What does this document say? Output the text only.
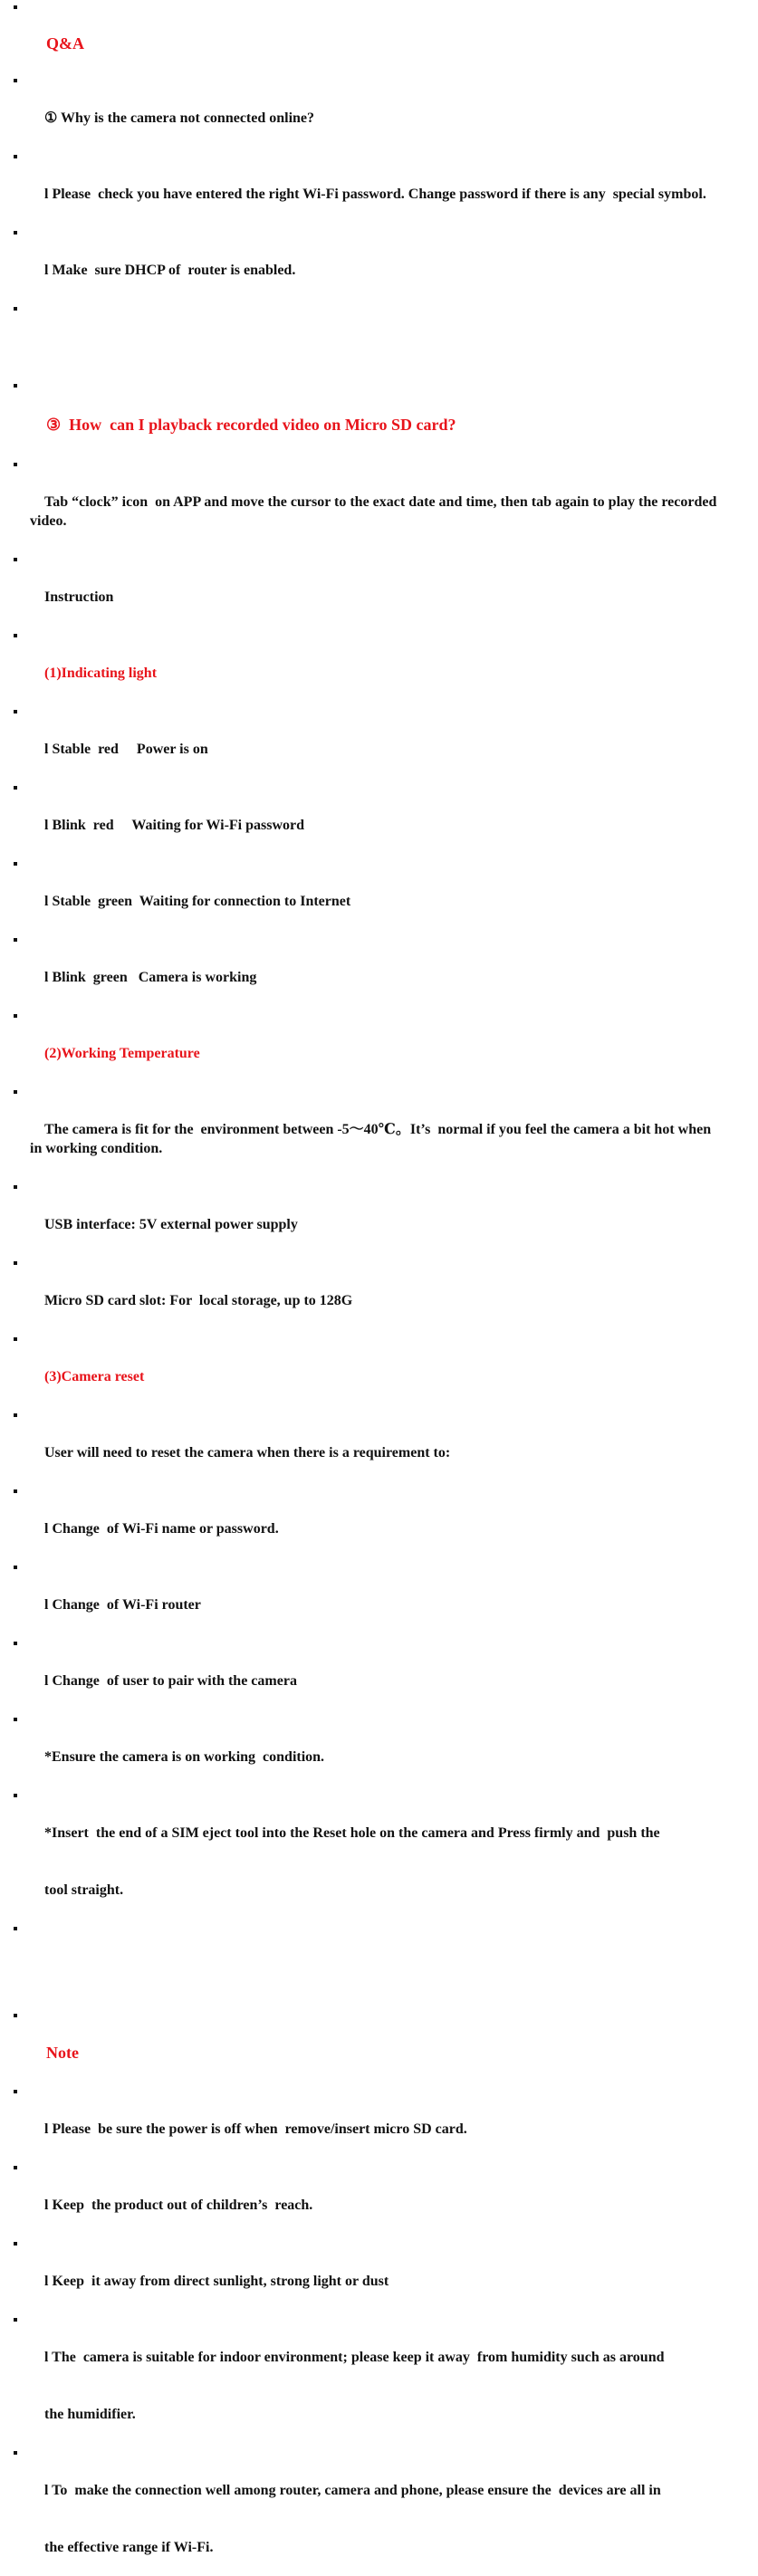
Q&A

① Why is the camera not connected online?

l Please  check you have entered the right Wi-Fi password. Change password if there is any  special symbol.

l Make  sure DHCP of  router is enabled.

③  How  can I playback recorded video on Micro SD card?

Tab “clock” icon  on APP and move the cursor to the exact date and time, then tab again to play the recorded video.

Instruction

(1)Indicating light

l Stable  red     Power is on

l Blink  red     Waiting for Wi-Fi password

l Stable  green  Waiting for connection to Internet

l Blink  green   Camera is working

(2)Working Temperature

The camera is fit for the  environment between -5～40℃。It’s  normal if you feel the camera a bit hot when in working condition.

USB interface: 5V external power supply

Micro SD card slot: For  local storage, up to 128G

(3)Camera reset

User will need to reset the camera when there is a requirement to:

l Change  of Wi-Fi name or password.

l Change  of Wi-Fi router

l Change  of user to pair with the camera

*Ensure the camera is on working  condition.

*Insert  the end of a SIM eject tool into the Reset hole on the camera and Press firmly and  push the

tool straight.

Note

l Please  be sure the power is off when  remove/insert micro SD card.

l Keep  the product out of children’s  reach.

l Keep  it away from direct sunlight, strong light or dust

l The  camera is suitable for indoor environment; please keep it away  from humidity such as around

the humidifier.

l To  make the connection well among router, camera and phone, please ensure the  devices are all in

the effective range if Wi-Fi.
